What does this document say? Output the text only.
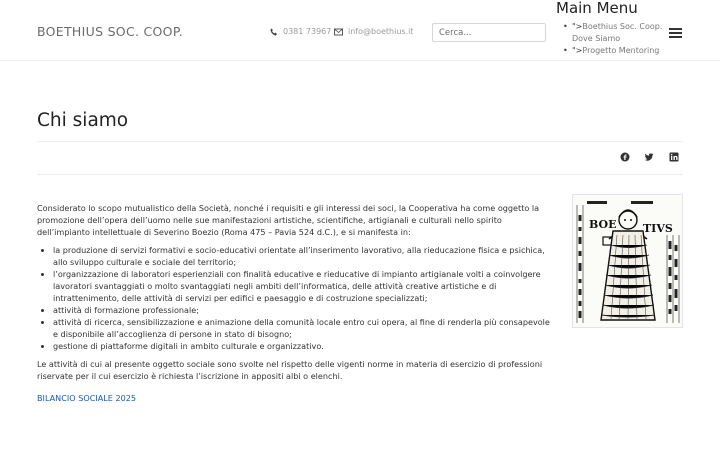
BOETHIUS SOC. COOP.	0381 73967 info@boethius.it
Cerca...
Main Menu
• ">Boethius Soc. Coop.
Dove Siamo
• ">Progetto Mentoring
Chi siamo

Considerato lo scopo mutualistico della Società, nonché i requisiti e gli interessi dei soci, la Cooperativa ha come oggetto la promozione dell’opera dell’uomo nelle sue manifestazioni artistiche, scientifiche, artigianali e culturali nello spirito dell’impianto intellettuale di Severino Boezio (Roma 475 – Pavia 524 d.C.), e si manifesta in:

• la produzione di servizi formativi e socio-educativi orientate all’inserimento lavorativo, alla rieducazione fisica e psichica, allo sviluppo culturale e sociale del territorio;
• l’organizzazione di laboratori esperienziali con finalità educative e rieducative di impianto artigianale volti a coinvolgere lavoratori svantaggiati o molto svantaggiati negli ambiti dell’informatica, delle attività creative artistiche e di intrattenimento, delle attività di servizi per edifici e paesaggio e di costruzione specializzati;
• attività di formazione professionale;
• attività di ricerca, sensibilizzazione e animazione della comunità locale entro cui opera, al fine di renderla più consapevole e disponibile all’accoglienza di persone in stato di bisogno;
• gestione di piattaforme digitali in ambito culturale e organizzativo.

Le attività di cui al presente oggetto sociale sono svolte nel rispetto delle vigenti norme in materia di esercizio di professioni riservate per il cui esercizio è richiesta l’iscrizione in appositi albi o elenchi.

BILANCIO SOCIALE 2025
BOE TIVS
